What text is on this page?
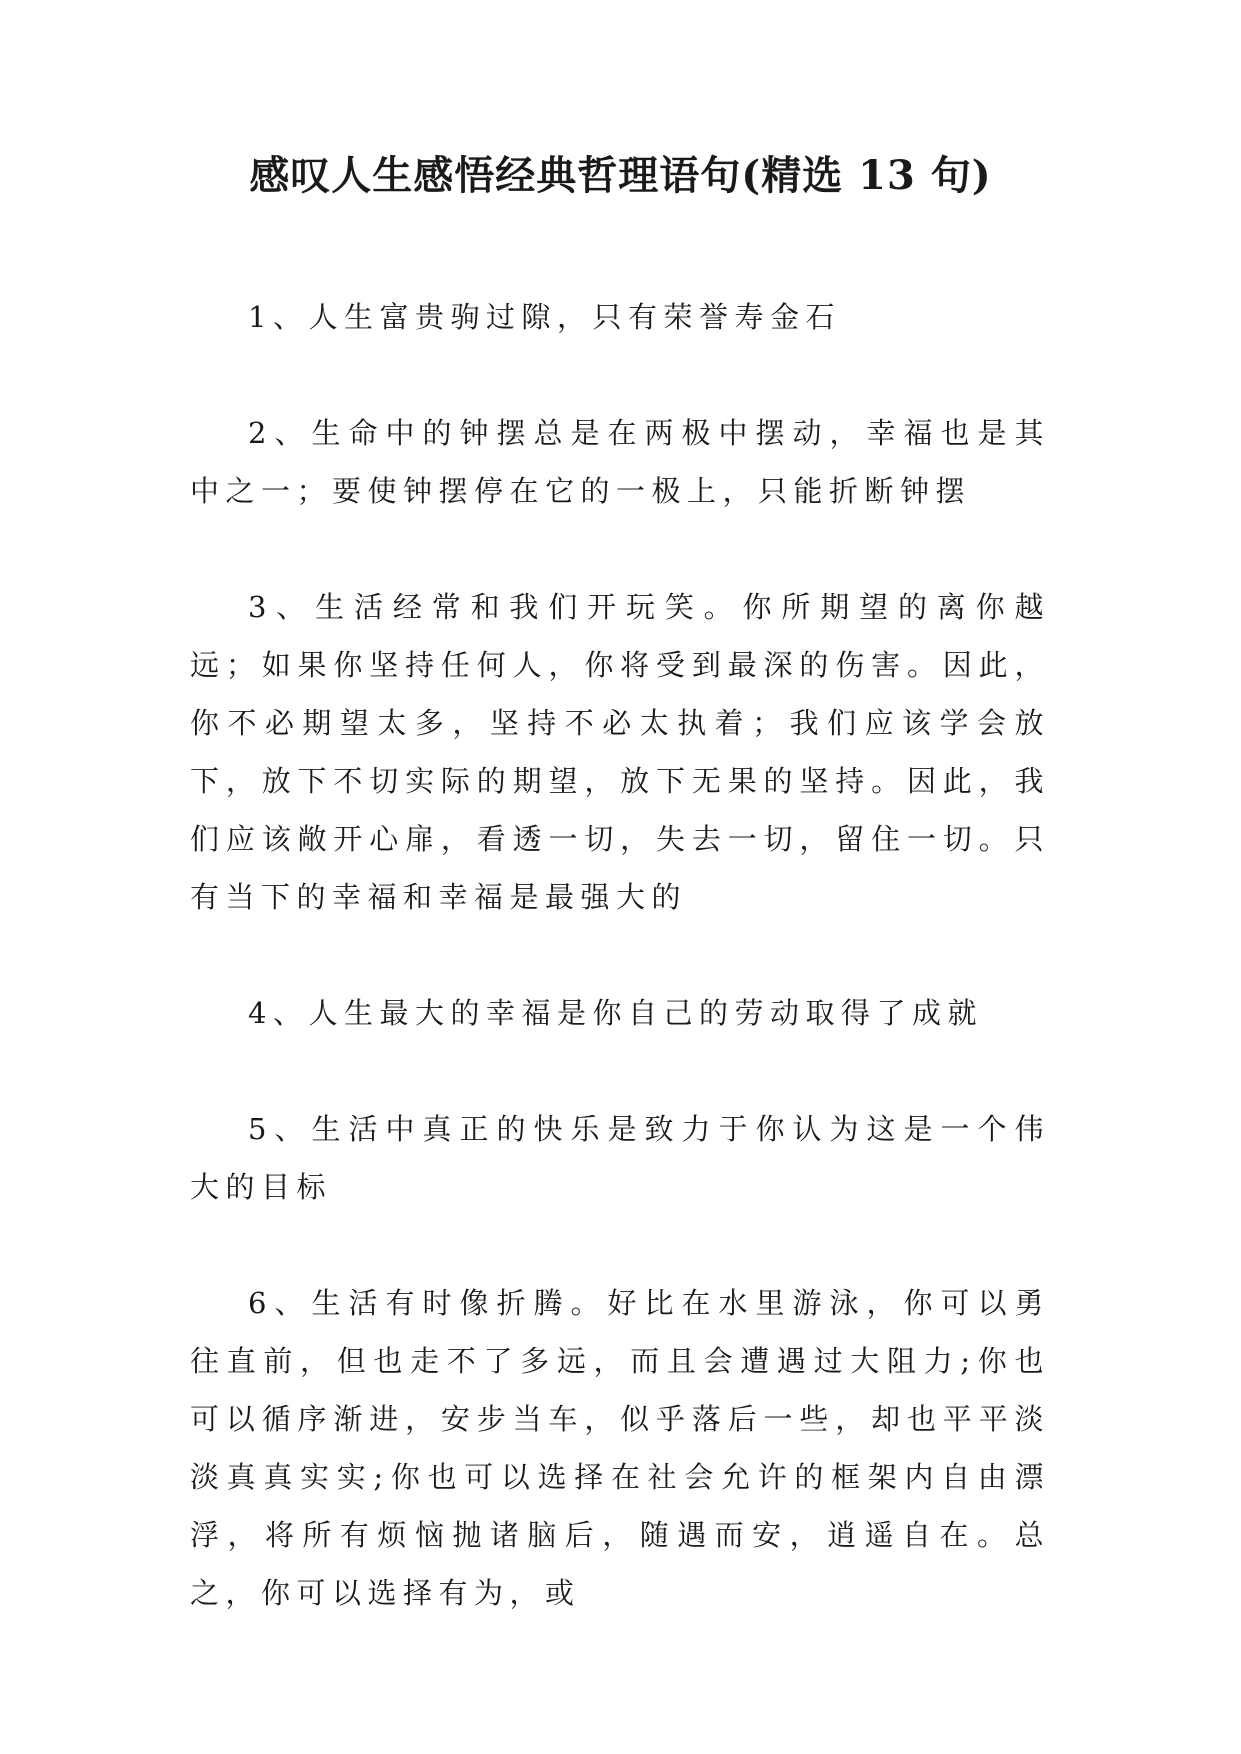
感叹人生感悟经典哲理语句(精选 13 句)

1、人生富贵驹过隙，只有荣誉寿金石

2、生命中的钟摆总是在两极中摆动，幸福也是其中之一；要使钟摆停在它的一极上，只能折断钟摆

3、生活经常和我们开玩笑。你所期望的离你越远；如果你坚持任何人，你将受到最深的伤害。因此，你不必期望太多，坚持不必太执着；我们应该学会放下，放下不切实际的期望，放下无果的坚持。因此，我们应该敞开心扉，看透一切，失去一切，留住一切。只有当下的幸福和幸福是最强大的

4、人生最大的幸福是你自己的劳动取得了成就

5、生活中真正的快乐是致力于你认为这是一个伟大的目标

6、生活有时像折腾。好比在水里游泳，你可以勇往直前，但也走不了多远，而且会遭遇过大阻力;你也可以循序渐进，安步当车，似乎落后一些，却也平平淡淡真真实实;你也可以选择在社会允许的框架内自由漂浮，将所有烦恼抛诸脑后，随遇而安，逍遥自在。总之，你可以选择有为，或
